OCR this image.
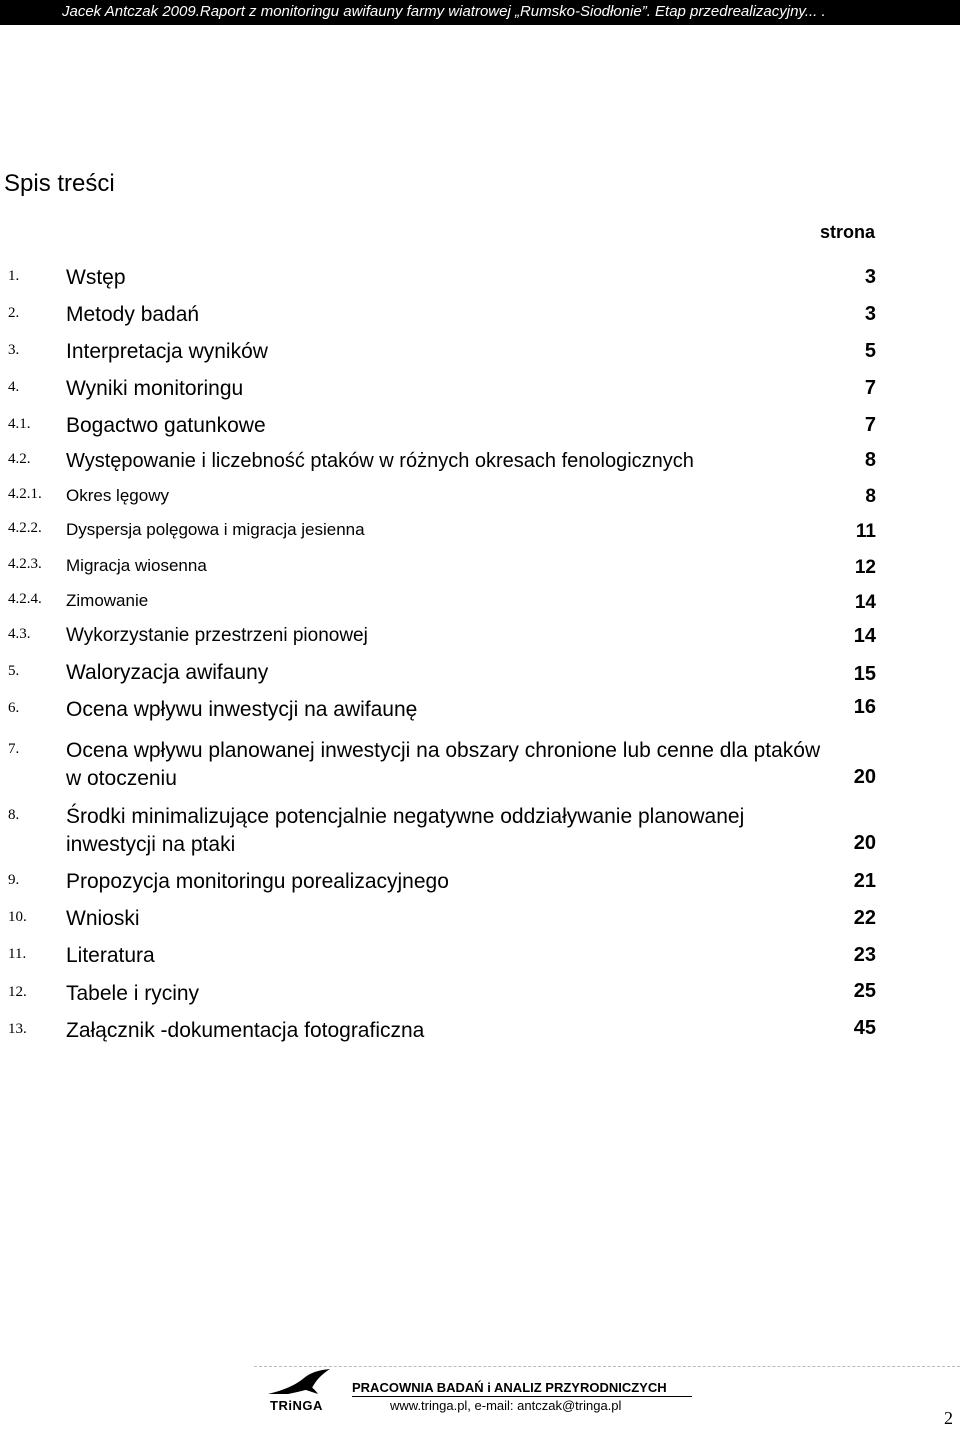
Jacek Antczak 2009.Raport z monitoringu awifauny farmy wiatrowej „Rumsko-Siodłonie”. Etap przedrealizacyjny... .
Spis treści
strona
1. Wstęp	3
2. Metody badań	3
3. Interpretacja wyników	5
4. Wyniki monitoringu	7
4.1. Bogactwo gatunkowe	7
4.2. Występowanie i liczebność ptaków w różnych okresach fenologicznych	8
4.2.1. Okres lęgowy	8
4.2.2. Dyspersja polęgowa i migracja jesienna	11
4.2.3. Migracja wiosenna	12
4.2.4. Zimowanie	14
4.3. Wykorzystanie przestrzeni pionowej	14
5. Waloryzacja awifauny	15
6. Ocena wpływu inwestycji na awifaunę	16
7. Ocena wpływu planowanej inwestycji na obszary chronione lub cenne dla ptaków w otoczeniu	20
8. Środki minimalizujące potencjalnie negatywne oddziaływanie planowanej inwestycji na ptaki	20
9. Propozycja monitoringu porealizacyjnego	21
10. Wnioski	22
11. Literatura	23
12. Tabele i ryciny	25
13. Załącznik -dokumentacja fotograficzna	45
TRiNGA
PRACOWNIA BADAŃ i ANALIZ PRZYRODNICZYCH
www.tringa.pl, e-mail: antczak@tringa.pl
2
